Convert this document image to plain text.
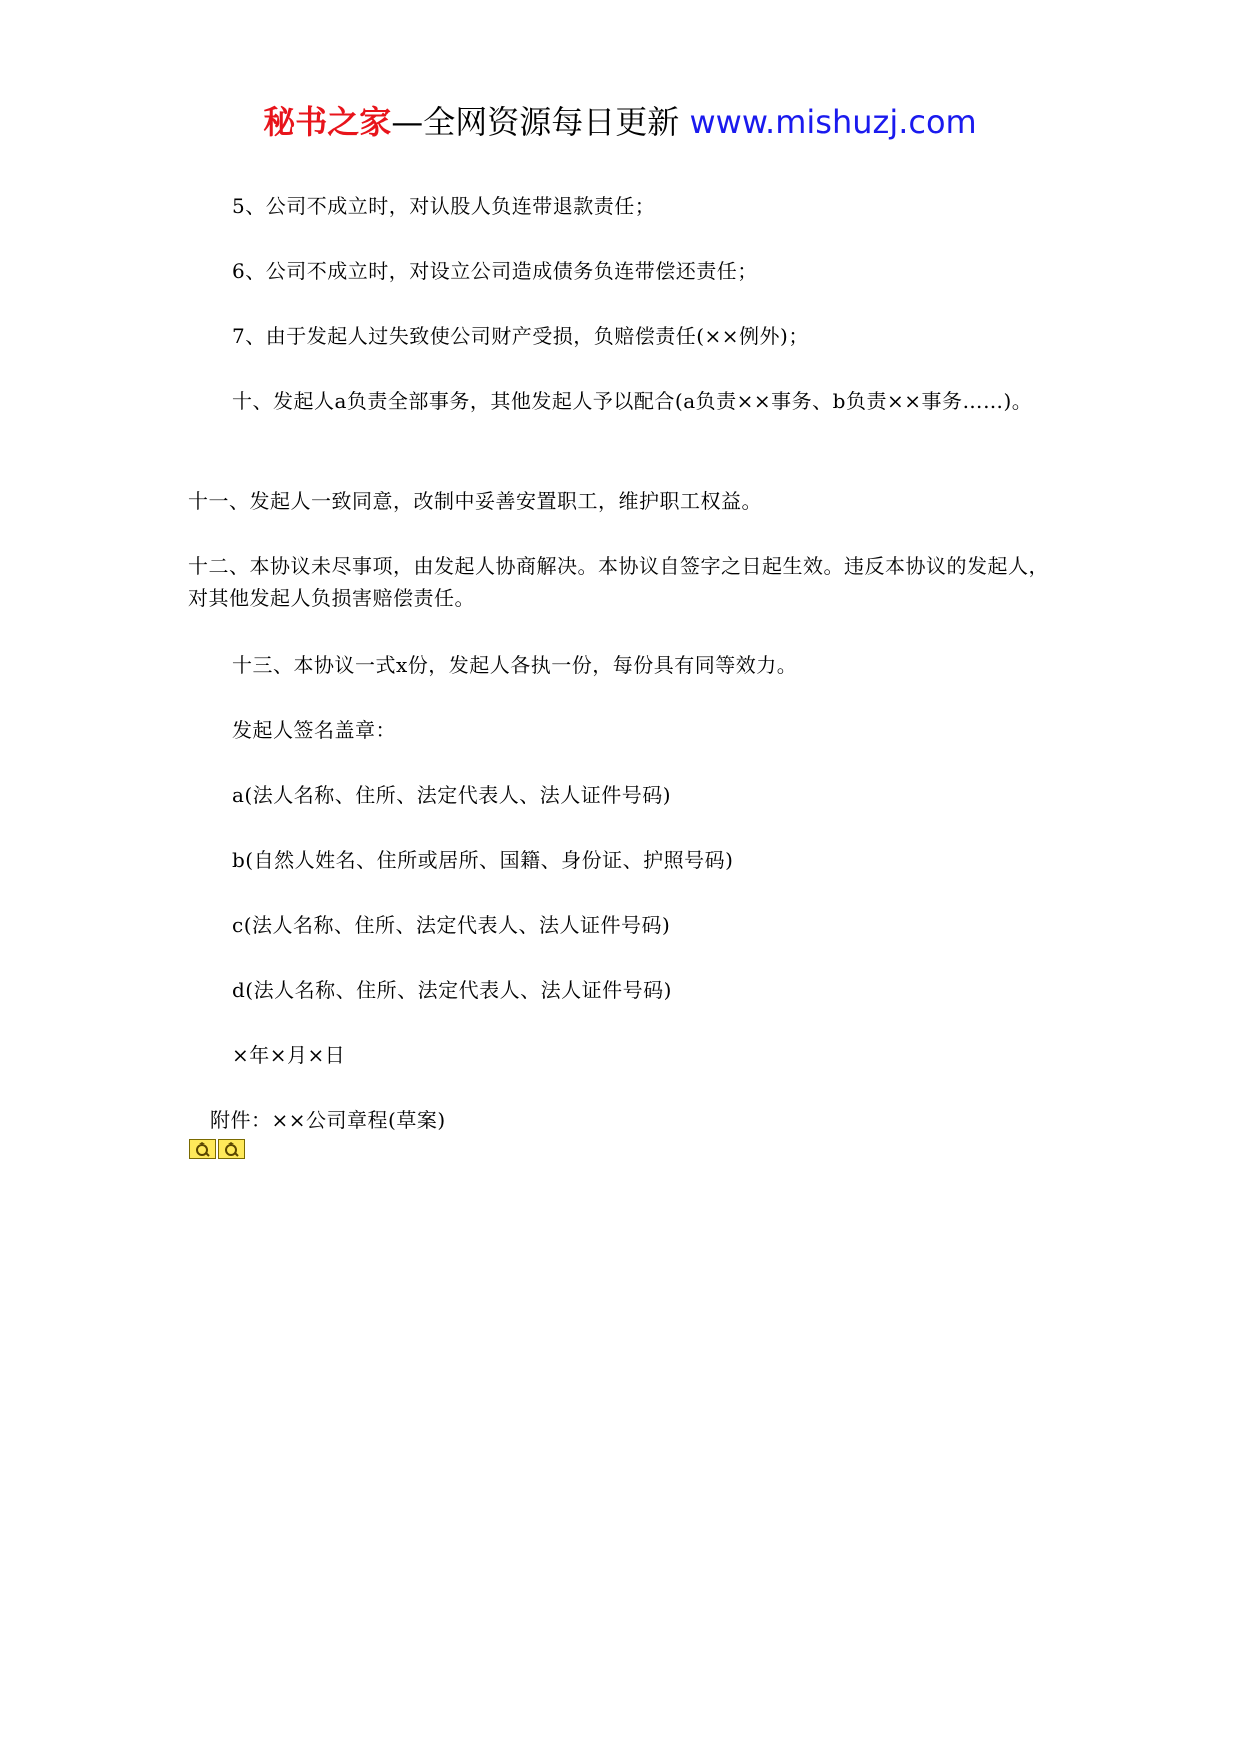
秘书之家—全网资源每日更新 www.mishuzj.com

5、公司不成立时，对认股人负连带退款责任；

6、公司不成立时，对设立公司造成债务负连带偿还责任；

7、由于发起人过失致使公司财产受损，负赔偿责任(××例外)；

十、发起人a负责全部事务，其他发起人予以配合(a负责××事务、b负责××事务……)。

十一、发起人一致同意，改制中妥善安置职工，维护职工权益。

十二、本协议未尽事项，由发起人协商解决。本协议自签字之日起生效。违反本协议的发起人，对其他发起人负损害赔偿责任。

十三、本协议一式x份，发起人各执一份，每份具有同等效力。

发起人签名盖章：

a(法人名称、住所、法定代表人、法人证件号码)

b(自然人姓名、住所或居所、国籍、身份证、护照号码)

c(法人名称、住所、法定代表人、法人证件号码)

d(法人名称、住所、法定代表人、法人证件号码)

×年×月×日

附件：××公司章程(草案)
